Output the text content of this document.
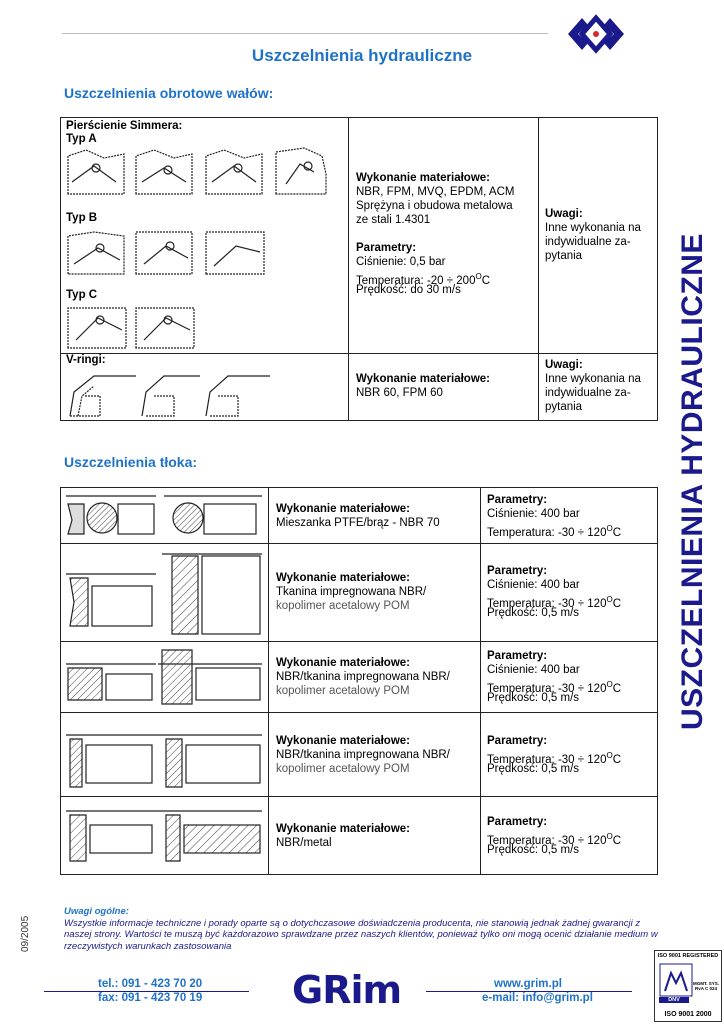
Uszczelnienia hydrauliczne
USZCZELNIENIA HYDRAULICZNE
Uszczelnienia obrotowe wałów:
Pierścienie Simmera:
Typ A
Typ B
Typ C
Wykonanie materiałowe:
NBR, FPM, MVQ, EPDM, ACM
Sprężyna i obudowa metalowa
ze stali 1.4301
Parametry:
Ciśnienie: 0,5 bar
Temperatura: $-20 \div 200^OC$
Prędkość: do 30 m/s
Uwagi:
Inne wykonania na
indywidualne za-
pytania
V-ringi:
Wykonanie materiałowe:
NBR 60, FPM 60
Uwagi:
Inne wykonania na
indywidualne za-
pytania
Uszczelnienia tłoka:
Wykonanie materiałowe:
Mieszanka PTFE/brąz - NBR 70
Parametry:
Ciśnienie: 400 bar
Temperatura: $-30 \div 120^OC$
Wykonanie materiałowe:
Tkanina impregnowana NBR/
kopolimer acetalowy POM
Parametry:
Ciśnienie: 400 bar
Temperatura: $-30 \div 120^OC$
Prędkość: 0,5 m/s
Wykonanie materiałowe:
NBR/tkanina impregnowana NBR/
kopolimer acetalowy POM
Parametry:
Ciśnienie: 400 bar
Temperatura: $-30 \div 120^OC$
Prędkość: 0,5 m/s
Wykonanie materiałowe:
NBR/tkanina impregnowana NBR/
kopolimer acetalowy POM
Parametry:
Temperatura: $-30 \div 120^OC$
Prędkość: 0,5 m/s
Wykonanie materiałowe:
NBR/metal
Parametry:
Temperatura: $-30 \div 120^OC$
Prędkość: 0,5 m/s
Uwagi ogólne:
Wszystkie informacje techniczne i porady oparte są o dotychczasowe doświadczenia producenta, nie stanowią jednak żadnej gwarancji z naszej strony. Wartości te muszą być każdorazowo sprawdzane przez naszych klientów, ponieważ tylko oni mogą ocenić działanie medium w rzeczywistych warunkach zastosowania
09/2005
tel.: 091 - 423 70 20
fax: 091 - 423 70 19 GRim	www.grim.pl
e-mail: info@grim.pl
ISO 9001 REGISTERED
DNV
MGMT. SYS. RvA C 024
ISO 9001 2000
